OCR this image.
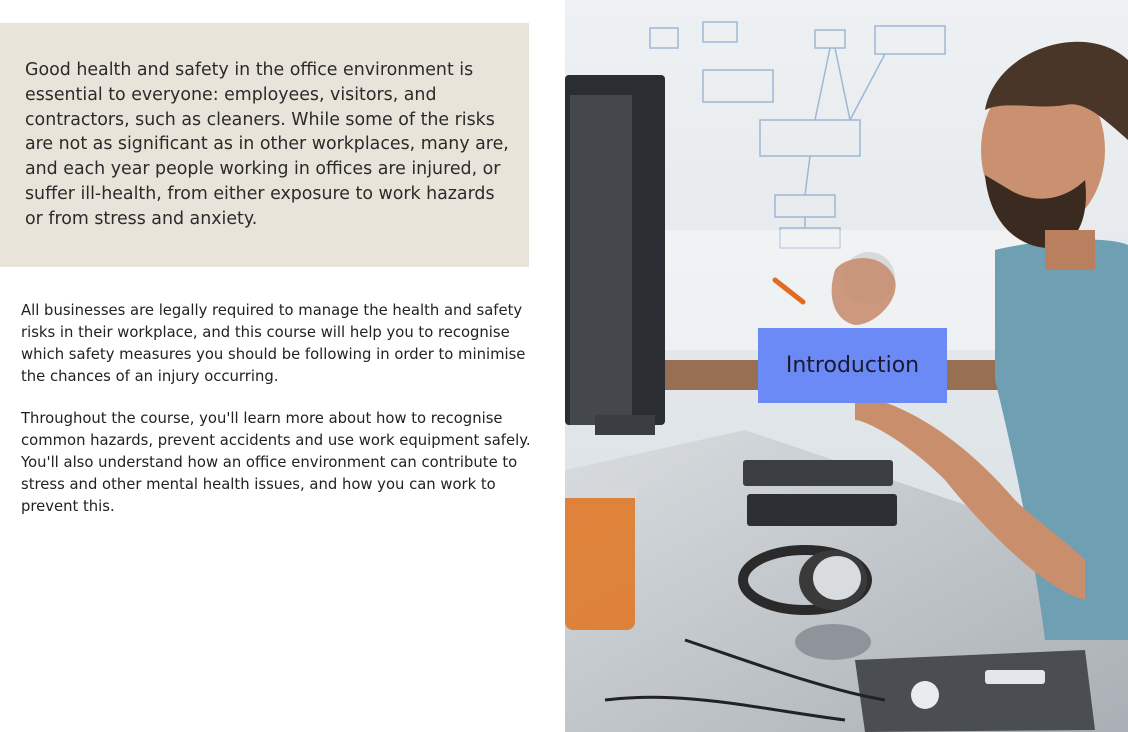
Good health and safety in the office environment is essential to everyone: employees, visitors, and contractors, such as cleaners. While some of the risks are not as significant as in other workplaces, many are, and each year people working in offices are injured, or suffer ill-health, from either exposure to work hazards or from stress and anxiety.

All businesses are legally required to manage the health and safety risks in their workplace, and this course will help you to recognise which safety measures you should be following in order to minimise the chances of an injury occurring.

Throughout the course, you'll learn more about how to recognise common hazards, prevent accidents and use work equipment safely. You'll also understand how an office environment can contribute to stress and other mental health issues, and how you can work to prevent this.

Introduction
